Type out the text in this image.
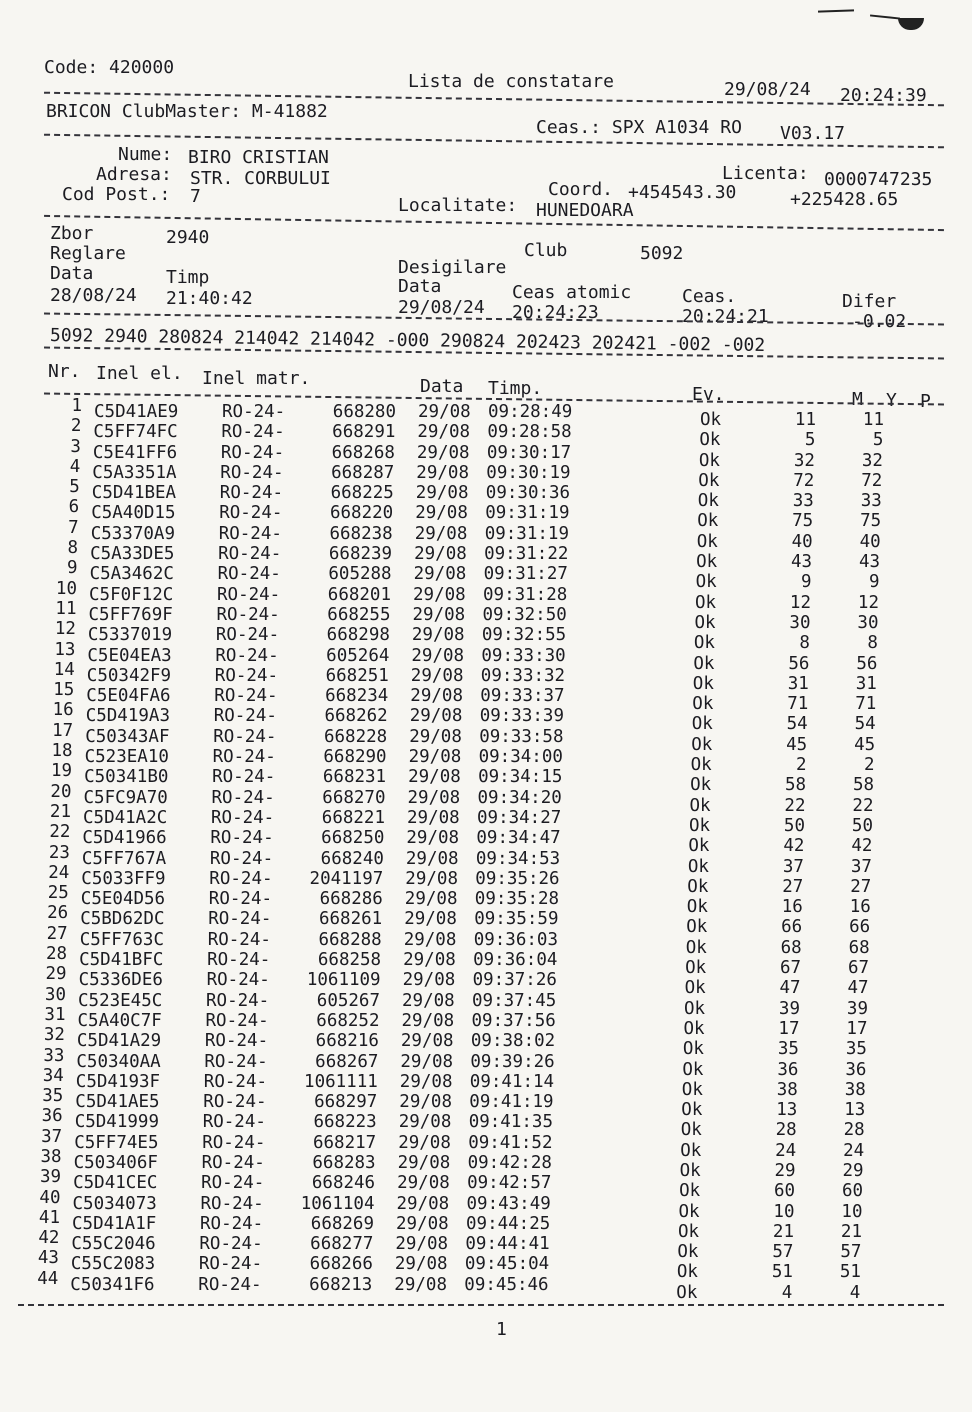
Code: 420000
Lista de constatare	29/08/24 20:24:39
BRICON ClubMaster: M-41882
Ceas.: SPX A1034 RO V03.17
Nume: BIRO CRISTIAN
Adresa: STR. CORBULUI
Cod Post.: 7
Licenta: 0000747235
Coord. +454543.30	+225428.65
Localitate: HUNEDOARA
Zbor	2940
Reglare
Data	Timp
28/08/24 21:40:42
Club	5092
Desigilare
Data	Ceas atomic
29/08/24 20:24:23
Ceas.
20:24:21
Difer
-0.02
5092 2940 280824 214042 214042 -000 290824 202423 202421 -002 -002
Nr. Inel el. Inel matr.	Data Timp.	Ev.	M Y P
1 C5D41AE9 RO-24-	668280 29/08 09:28:49	Ok	11	11
2 C5FF74FC RO-24-	668291 29/08 09:28:58	Ok	5	5
3 C5E41FF6 RO-24-	668268 29/08 09:30:17	Ok	32	32
4 C5A3351A RO-24-	668287 29/08 09:30:19	Ok	72	72
5 C5D41BEA RO-24-	668225 29/08 09:30:36	Ok	33	33
6 C5A40D15 RO-24-	668220 29/08 09:31:19	Ok	75	75
7 C53370A9 RO-24-	668238 29/08 09:31:19	Ok	40	40
8 C5A33DE5 RO-24-	668239 29/08 09:31:22	Ok	43	43
9 C5A3462C RO-24-	605288 29/08 09:31:27	Ok	9	9
10 C5F0F12C RO-24-	668201 29/08 09:31:28	Ok	12	12
11 C5FF769F RO-24-	668255 29/08 09:32:50	Ok	30	30
12 C5337019 RO-24-	668298 29/08 09:32:55	Ok	8	8
13 C5E04EA3 RO-24-	605264 29/08 09:33:30	Ok	56	56
14 C50342F9 RO-24-	668251 29/08 09:33:32	Ok	31	31
15 C5E04FA6 RO-24-	668234 29/08 09:33:37	Ok	71	71
16 C5D419A3 RO-24-	668262 29/08 09:33:39	Ok	54	54
17 C50343AF RO-24-	668228 29/08 09:33:58	Ok	45	45
18 C523EA10 RO-24-	668290 29/08 09:34:00	Ok	2	2
19 C50341B0 RO-24-	668231 29/08 09:34:15	Ok	58	58
20 C5FC9A70 RO-24-	668270 29/08 09:34:20	Ok	22	22
21 C5D41A2C RO-24-	668221 29/08 09:34:27	Ok	50	50
22 C5D41966 RO-24-	668250 29/08 09:34:47	Ok	42	42
23 C5FF767A RO-24-	668240 29/08 09:34:53	Ok	37	37
24 C5033FF9 RO-24-	2041197 29/08 09:35:26	Ok	27	27
25 C5E04D56 RO-24-	668286 29/08 09:35:28	Ok	16	16
26 C5BD62DC RO-24-	668261 29/08 09:35:59	Ok	66	66
27 C5FF763C RO-24-	668288 29/08 09:36:03	Ok	68	68
28 C5D41BFC RO-24-	668258 29/08 09:36:04	Ok	67	67
29 C5336DE6 RO-24-	1061109 29/08 09:37:26	Ok	47	47
30 C523E45C RO-24-	605267 29/08 09:37:45	Ok	39	39
31 C5A40C7F RO-24-	668252 29/08 09:37:56	Ok	17	17
32 C5D41A29 RO-24-	668216 29/08 09:38:02	Ok	35	35
33 C50340AA RO-24-	668267 29/08 09:39:26	Ok	36	36
34 C5D4193F RO-24-	1061111 29/08 09:41:14	Ok	38	38
35 C5D41AE5 RO-24-	668297 29/08 09:41:19	Ok	13	13
36 C5D41999 RO-24-	668223 29/08 09:41:35	Ok	28	28
37 C5FF74E5 RO-24-	668217 29/08 09:41:52	Ok	24	24
38 C503406F RO-24-	668283 29/08 09:42:28	Ok	29	29
39 C5D41CEC RO-24-	668246 29/08 09:42:57	Ok	60	60
40 C5034073 RO-24-	1061104 29/08 09:43:49	Ok	10	10
41 C5D41A1F RO-24-	668269 29/08 09:44:25	Ok	21	21
42 C55C2046 RO-24-	668277 29/08 09:44:41	Ok	57	57
43 C55C2083 RO-24-	668266 29/08 09:45:04	Ok	51	51
44 C50341F6 RO-24-	668213 29/08 09:45:46	Ok	4	4
1
